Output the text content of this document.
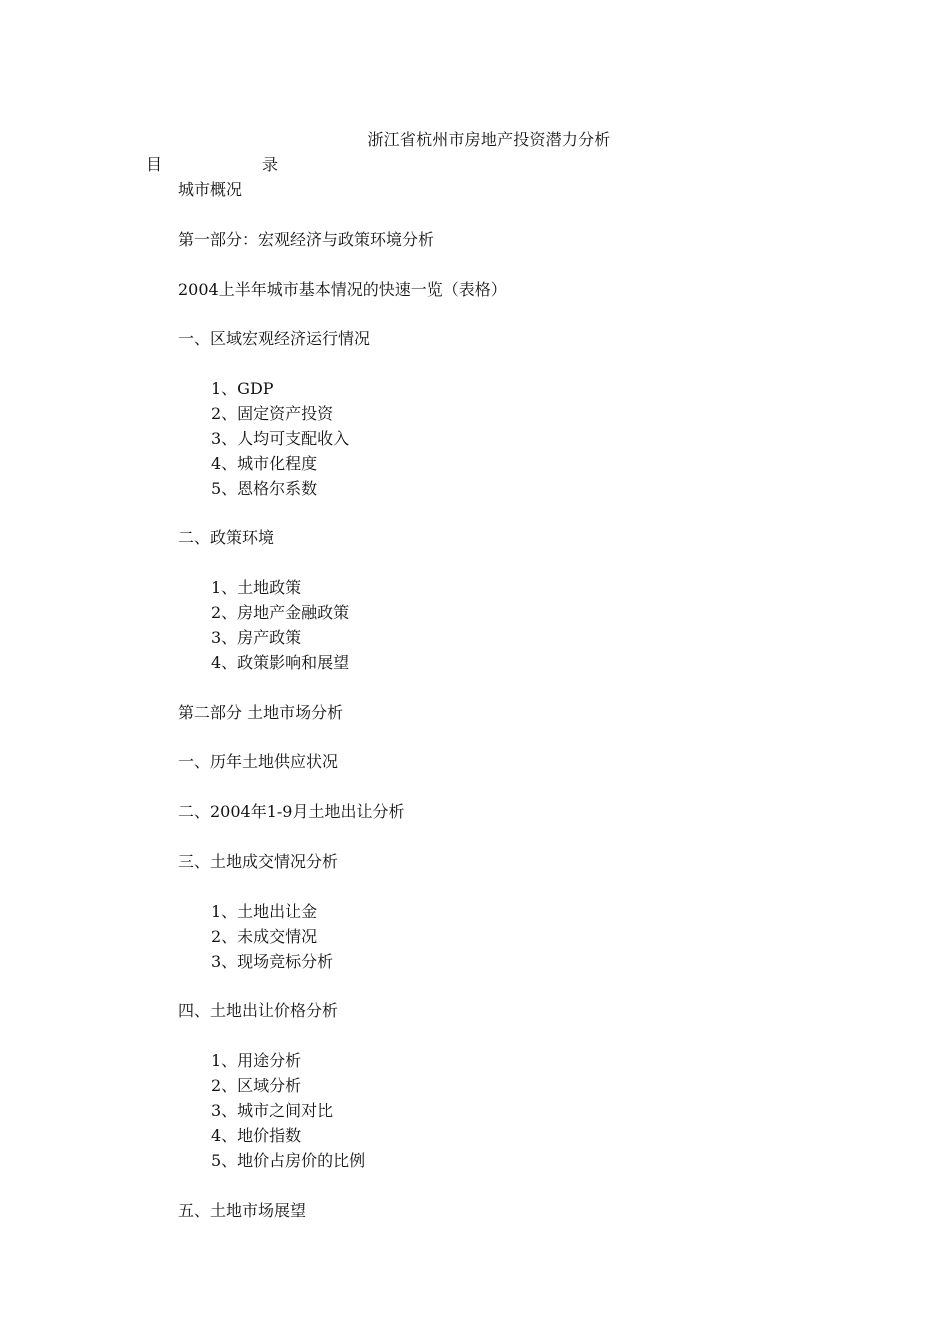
浙江省杭州市房地产投资潜力分析
目	录
城市概况
第一部分：宏观经济与政策环境分析
2004上半年城市基本情况的快速一览（表格）
一、区域宏观经济运行情况
1、GDP
2、固定资产投资
3、人均可支配收入
4、城市化程度
5、恩格尔系数
二、政策环境
1、土地政策
2、房地产金融政策
3、房产政策
4、政策影响和展望
第二部分 土地市场分析
一、历年土地供应状况
二、2004年1-9月土地出让分析
三、土地成交情况分析
1、土地出让金
2、未成交情况
3、现场竞标分析
四、土地出让价格分析
1、用途分析
2、区域分析
3、城市之间对比
4、地价指数
5、地价占房价的比例
五、土地市场展望
